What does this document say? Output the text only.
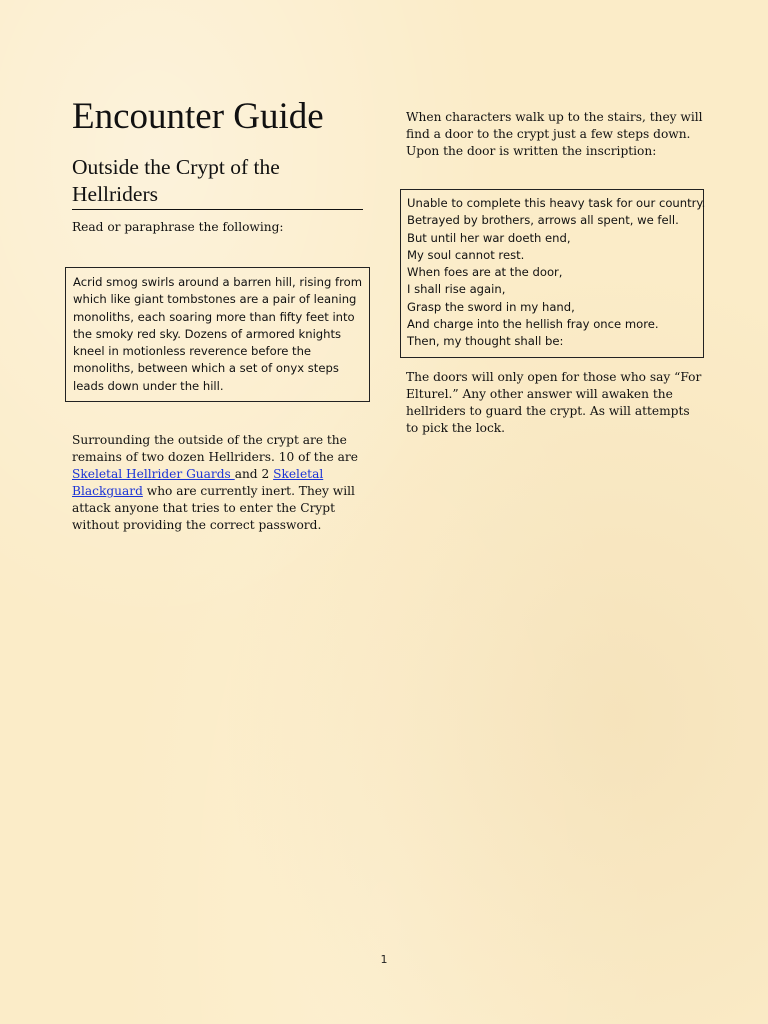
Encounter Guide
Outside the Crypt of the Hellriders

Read or paraphrase the following:

Acrid smog swirls around a barren hill, rising from which like giant tombstones are a pair of leaning monoliths, each soaring more than fifty feet into the smoky red sky. Dozens of armored knights kneel in motionless reverence before the monoliths, between which a set of onyx steps leads down under the hill.

Surrounding the outside of the crypt are the remains of two dozen Hellriders. 10 of the are Skeletal Hellrider Guards and 2 Skeletal Blackguard who are currently inert. They will attack anyone that tries to enter the Crypt without providing the correct password.

When characters walk up to the stairs, they will find a door to the crypt just a few steps down. Upon the door is written the inscription:

Unable to complete this heavy task for our country.
Betrayed by brothers, arrows all spent, we fell.
But until her war doeth end,
My soul cannot rest.
When foes are at the door,
I shall rise again,
Grasp the sword in my hand,
And charge into the hellish fray once more.
Then, my thought shall be:

The doors will only open for those who say “For Elturel.” Any other answer will awaken the hellriders to guard the crypt. As will attempts to pick the lock.

1
